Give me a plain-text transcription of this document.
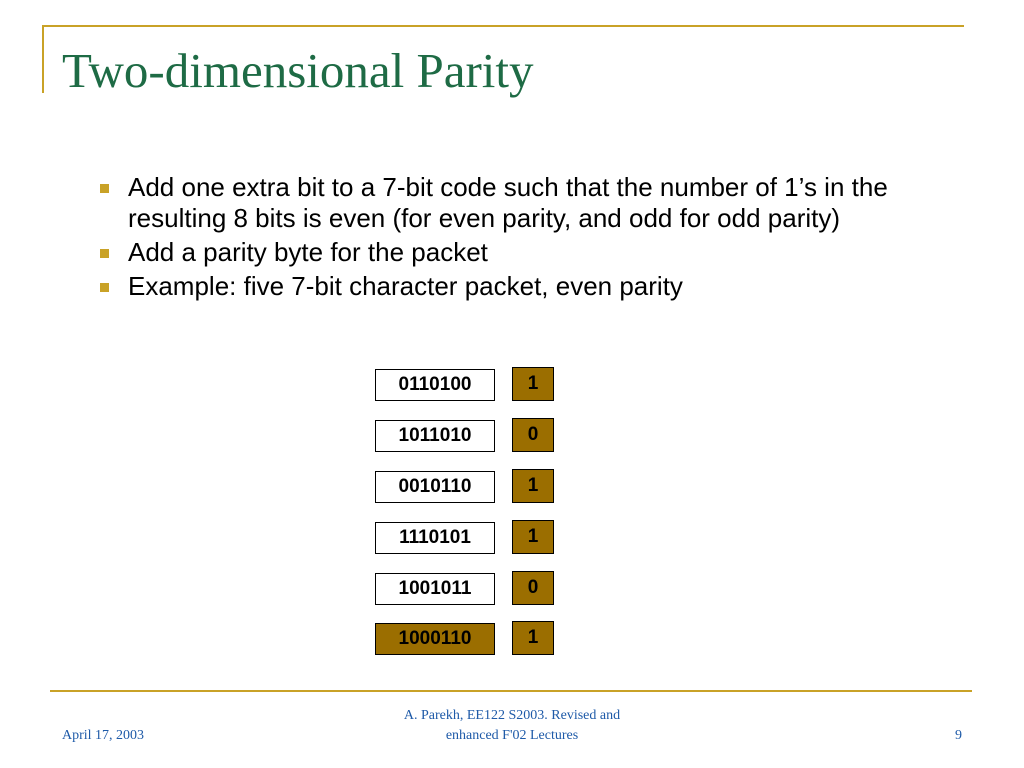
Two-dimensional Parity
Add one extra bit to a 7-bit code such that the number of 1’s in the resulting 8 bits is even (for even parity, and odd for odd parity)
Add a parity byte for the packet
Example: five 7-bit character packet, even parity
0110100	1
1011010	0
0010110	1
1110101	1
1001011	0
1000110	1
April 17, 2003
A. Parekh, EE122 S2003. Revised and
enhanced F'02 Lectures	9
